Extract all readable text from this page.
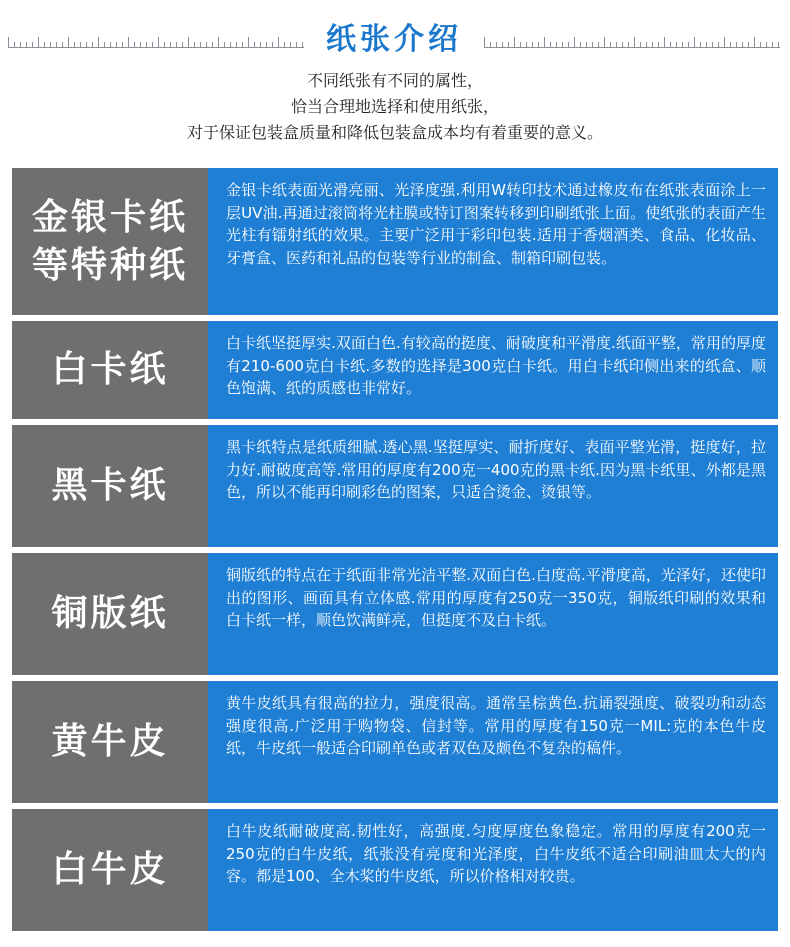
纸张介绍
不同纸张有不同的属性，
恰当合理地选择和使用纸张，
对于保证包装盒质量和降低包装盒成本均有着重要的意义。
金银卡纸
等特种纸
金银卡纸表面光滑亮丽、光泽度强.利用W转印技术通过橡皮布在纸张表面涂上一层UV油.再通过滚筒将光柱膜或特订图案转移到印刷纸张上面。使纸张的表面产生光柱有镭射纸的效果。主要广泛用于彩印包装.适用于香烟酒类、食品、化妆品、牙膏盒、医药和礼品的包装等行业的制盒、制箱印刷包装。
白卡纸
白卡纸坚挺厚实.双面白色.有较高的挺度、耐破度和平滑度.纸面平整，常用的厚度有210-600克白卡纸.多数的选择是300克白卡纸。用白卡纸印侧出来的纸盒、顺色饱满、纸的质感也非常好。
黑卡纸
黑卡纸特点是纸质细腻.透心黑.坚挺厚实、耐折度好、表面平整光滑，挺度好，拉力好.耐破度高等.常用的厚度有200克一400克的黑卡纸.因为黑卡纸里、外都是黑色，所以不能再印刷彩色的图案，只适合烫金、烫银等。
铜版纸
铜版纸的特点在于纸面非常光洁平整.双面白色.白度高.平滑度高，光泽好，还使印出的图形、画面具有立体感.常用的厚度有250克一350克，铜版纸印刷的效果和白卡纸一样，顺色饮满鲜亮，但挺度不及白卡纸。
黄牛皮
黄牛皮纸具有很高的拉力，强度很高。通常呈棕黄色.抗诵裂强度、破裂功和动态强度很高.广泛用于购物袋、信封等。常用的厚度有150克一MIL:克的本色牛皮纸，牛皮纸一般适合印刷单色或者双色及颇色不复杂的稿件。
白牛皮
白牛皮纸耐破度高.韧性好，高强度.匀度厚度色象稳定。常用的厚度有200克一250克的白牛皮纸，纸张没有亮度和光泽度，白牛皮纸不适合印刷油皿太大的内容。都是100、全木桨的牛皮纸，所以价格相对较贵。
